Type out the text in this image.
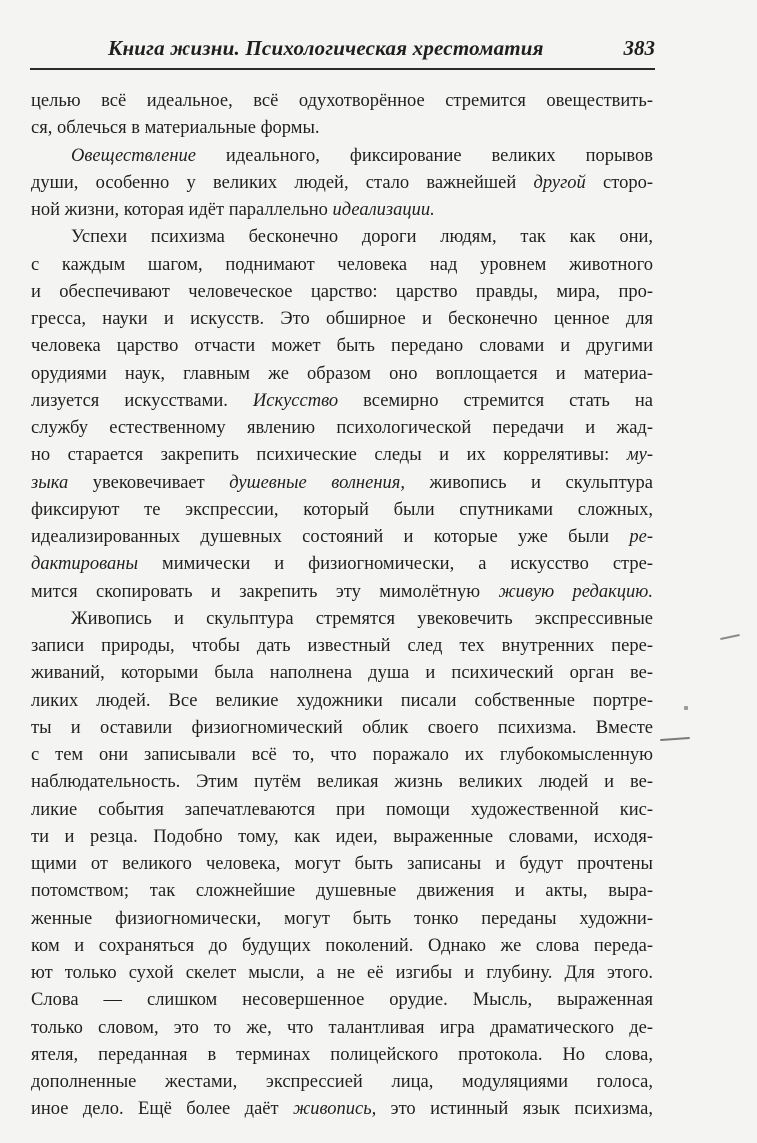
Книга жизни. Психологическая хрестоматия	383
целью всё идеальное, всё одухотворённое стремится овеществить-
ся, облечься в материальные формы.
Овеществление идеального, фиксирование великих порывов
души, особенно у великих людей, стало важнейшей другой сторо-
ной жизни, которая идёт параллельно идеализации.
Успехи психизма бесконечно дороги людям, так как они,
с каждым шагом, поднимают человека над уровнем животного
и обеспечивают человеческое царство: царство правды, мира, про-
гресса, науки и искусств. Это обширное и бесконечно ценное для
человека царство отчасти может быть передано словами и другими
орудиями наук, главным же образом оно воплощается и материа-
лизуется искусствами. Искусство всемирно стремится стать на
службу естественному явлению психологической передачи и жад-
но старается закрепить психические следы и их коррелятивы: му-
зыка увековечивает душевные волнения, живопись и скульптура
фиксируют те экспрессии, который были спутниками сложных,
идеализированных душевных состояний и которые уже были ре-
дактированы мимически и физиогномически, а искусство стре-
мится скопировать и закрепить эту мимолётную живую редакцию.
Живопись и скульптура стремятся увековечить экспрессивные
записи природы, чтобы дать известный след тех внутренних пере-
живаний, которыми была наполнена душа и психический орган ве-
ликих людей. Все великие художники писали собственные портре-
ты и оставили физиогномический облик своего психизма. Вместе
с тем они записывали всё то, что поражало их глубокомысленную
наблюдательность. Этим путём великая жизнь великих людей и ве-
ликие события запечатлеваются при помощи художественной кис-
ти и резца. Подобно тому, как идеи, выраженные словами, исходя-
щими от великого человека, могут быть записаны и будут прочтены
потомством; так сложнейшие душевные движения и акты, выра-
женные физиогномически, могут быть тонко переданы художни-
ком и сохраняться до будущих поколений. Однако же слова переда-
ют только сухой скелет мысли, а не её изгибы и глубину. Для этого.
Слова — слишком несовершенное орудие. Мысль, выраженная
только словом, это то же, что талантливая игра драматического де-
ятеля, переданная в терминах полицейского протокола. Но слова,
дополненные жестами, экспрессией лица, модуляциями голоса,
иное дело. Ещё более даёт живопись, это истинный язык психизма,
